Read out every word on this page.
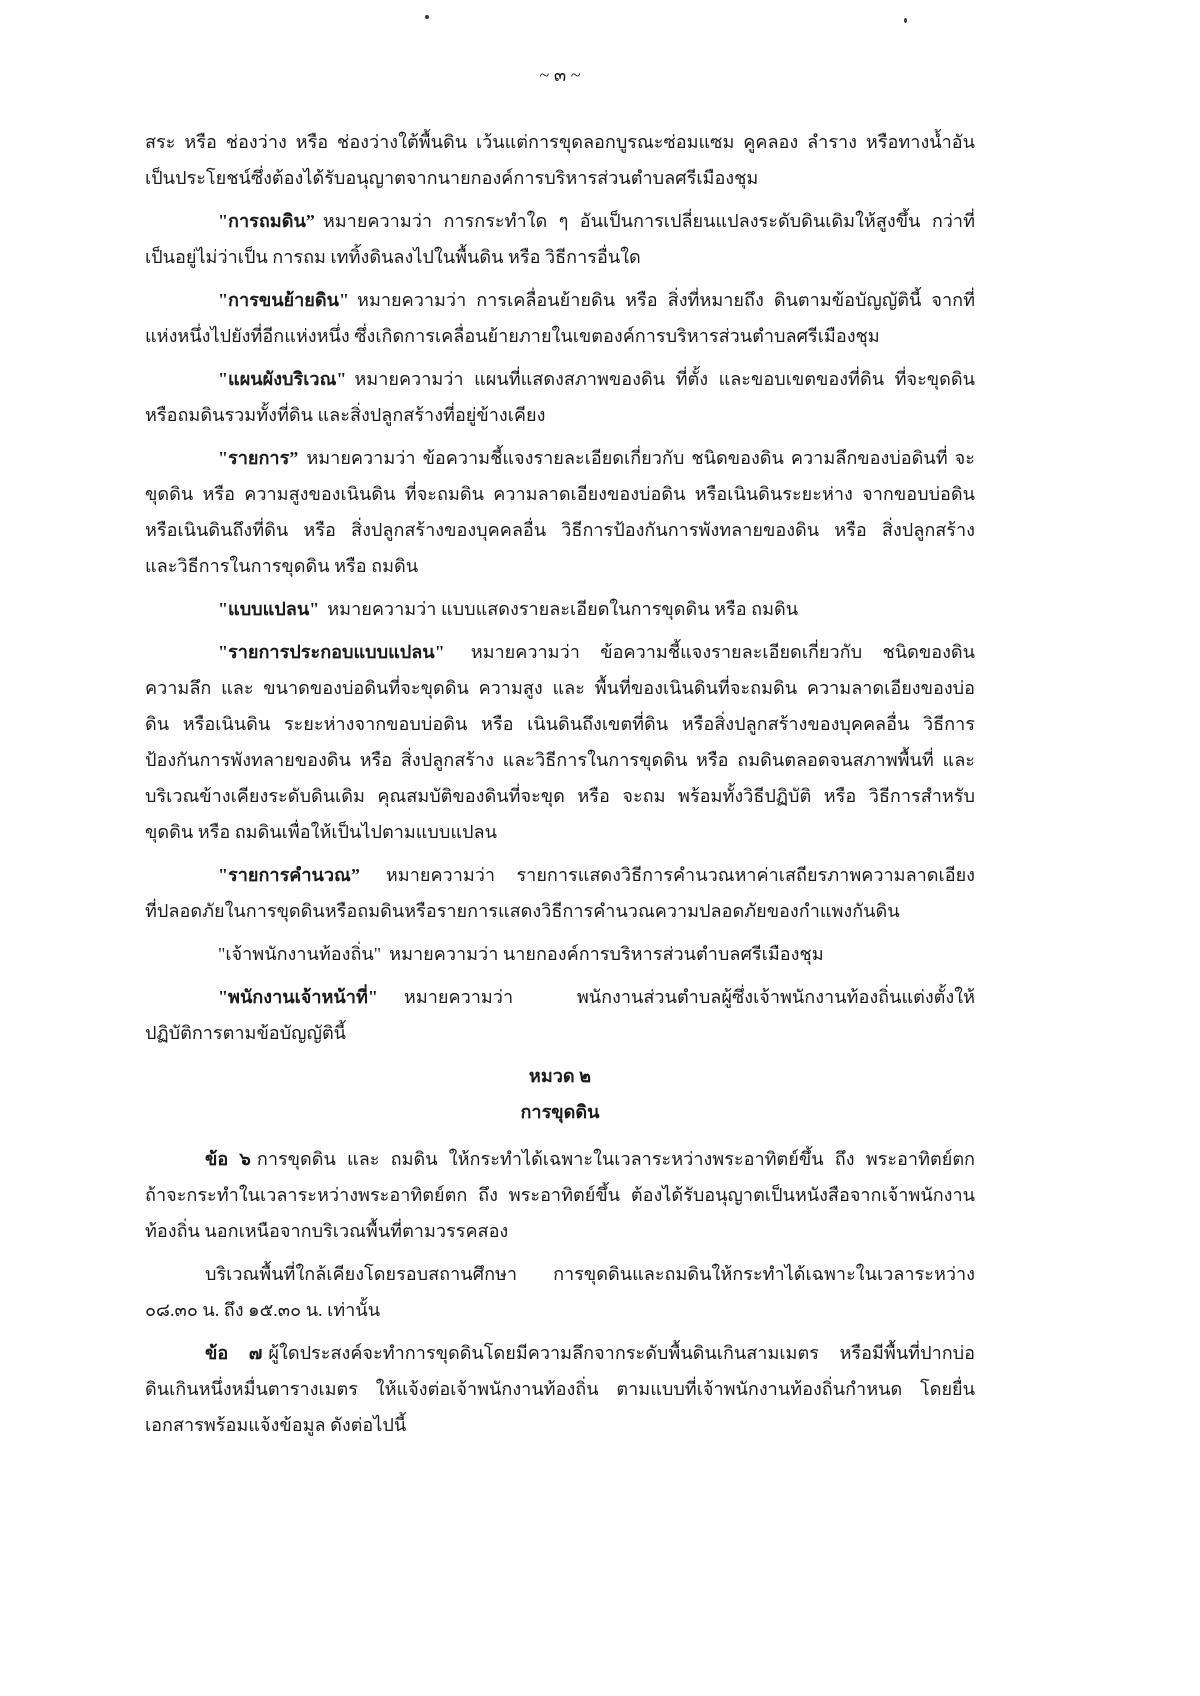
~ ๓ ~
สระ หรือ ช่องว่าง หรือ ช่องว่างใต้พื้นดิน เว้นแต่การขุดลอกบูรณะซ่อมแซม คูคลอง ลำราง หรือทางน้ำอัน
เป็นประโยชน์ซึ่งต้องได้รับอนุญาตจากนายกองค์การบริหารส่วนตำบลศรีเมืองชุม
"การถมดิน” หมายความว่า การกระทำใด ๆ อันเป็นการเปลี่ยนแปลงระดับดินเดิมให้สูงขึ้น กว่าที่
เป็นอยู่ไม่ว่าเป็น การถม เททิ้งดินลงไปในพื้นดิน หรือ วิธีการอื่นใด
"การขนย้ายดิน" หมายความว่า การเคลื่อนย้ายดิน หรือ สิ่งที่หมายถึง ดินตามข้อบัญญัตินี้ จากที่
แห่งหนึ่งไปยังที่อีกแห่งหนึ่ง ซึ่งเกิดการเคลื่อนย้ายภายในเขตองค์การบริหารส่วนตำบลศรีเมืองชุม
"แผนผังบริเวณ" หมายความว่า แผนที่แสดงสภาพของดิน ที่ตั้ง และขอบเขตของที่ดิน ที่จะขุดดิน
หรือถมดินรวมทั้งที่ดิน และสิ่งปลูกสร้างที่อยู่ข้างเคียง
"รายการ” หมายความว่า ข้อความชี้แจงรายละเอียดเกี่ยวกับ ชนิดของดิน ความลึกของบ่อดินที่ จะ
ขุดดิน หรือ ความสูงของเนินดิน ที่จะถมดิน ความลาดเอียงของบ่อดิน หรือเนินดินระยะห่าง จากขอบบ่อดิน
หรือเนินดินถึงที่ดิน หรือ สิ่งปลูกสร้างของบุคคลอื่น วิธีการป้องกันการพังทลายของดิน หรือ สิ่งปลูกสร้าง
และวิธีการในการขุดดิน หรือ ถมดิน
"แบบแปลน" หมายความว่า แบบแสดงรายละเอียดในการขุดดิน หรือ ถมดิน
"รายการประกอบแบบแปลน" หมายความว่า ข้อความชี้แจงรายละเอียดเกี่ยวกับ ชนิดของดิน
ความลึก และ ขนาดของบ่อดินที่จะขุดดิน ความสูง และ พื้นที่ของเนินดินที่จะถมดิน ความลาดเอียงของบ่อ
ดิน หรือเนินดิน ระยะห่างจากขอบบ่อดิน หรือ เนินดินถึงเขตที่ดิน หรือสิ่งปลูกสร้างของบุคคลอื่น วิธีการ
ป้องกันการพังทลายของดิน หรือ สิ่งปลูกสร้าง และวิธีการในการขุดดิน หรือ ถมดินตลอดจนสภาพพื้นที่ และ
บริเวณข้างเคียงระดับดินเดิม คุณสมบัติของดินที่จะขุด หรือ จะถม พร้อมทั้งวิธีปฏิบัติ หรือ วิธีการสำหรับ
ขุดดิน หรือ ถมดินเพื่อให้เป็นไปตามแบบแปลน
"รายการคำนวณ” หมายความว่า รายการแสดงวิธีการคำนวณหาค่าเสถียรภาพความลาดเอียง
ที่ปลอดภัยในการขุดดินหรือถมดินหรือรายการแสดงวิธีการคำนวณความปลอดภัยของกำแพงกันดิน
"เจ้าพนักงานท้องถิ่น" หมายความว่า นายกองค์การบริหารส่วนตำบลศรีเมืองชุม
"พนักงานเจ้าหน้าที่" หมายความว่า พนักงานส่วนตำบลผู้ซึ่งเจ้าพนักงานท้องถิ่นแต่งตั้งให้
ปฏิบัติการตามข้อบัญญัตินี้
หมวด ๒
การขุดดิน
ข้อ ๖ การขุดดิน และ ถมดิน ให้กระทำได้เฉพาะในเวลาระหว่างพระอาทิตย์ขึ้น ถึง พระอาทิตย์ตก
ถ้าจะกระทำในเวลาระหว่างพระอาทิตย์ตก ถึง พระอาทิตย์ขึ้น ต้องได้รับอนุญาตเป็นหนังสือจากเจ้าพนักงาน
ท้องถิ่น นอกเหนือจากบริเวณพื้นที่ตามวรรคสอง
บริเวณพื้นที่ใกล้เคียงโดยรอบสถานศึกษา การขุดดินและถมดินให้กระทำได้เฉพาะในเวลาระหว่าง
๐๘.๓๐ น. ถึง ๑๕.๓๐ น. เท่านั้น
ข้อ ๗ ผู้ใดประสงค์จะทำการขุดดินโดยมีความลึกจากระดับพื้นดินเกินสามเมตร หรือมีพื้นที่ปากบ่อ
ดินเกินหนึ่งหมื่นตารางเมตร ให้แจ้งต่อเจ้าพนักงานท้องถิ่น ตามแบบที่เจ้าพนักงานท้องถิ่นกำหนด โดยยื่น
เอกสารพร้อมแจ้งข้อมูล ดังต่อไปนี้
